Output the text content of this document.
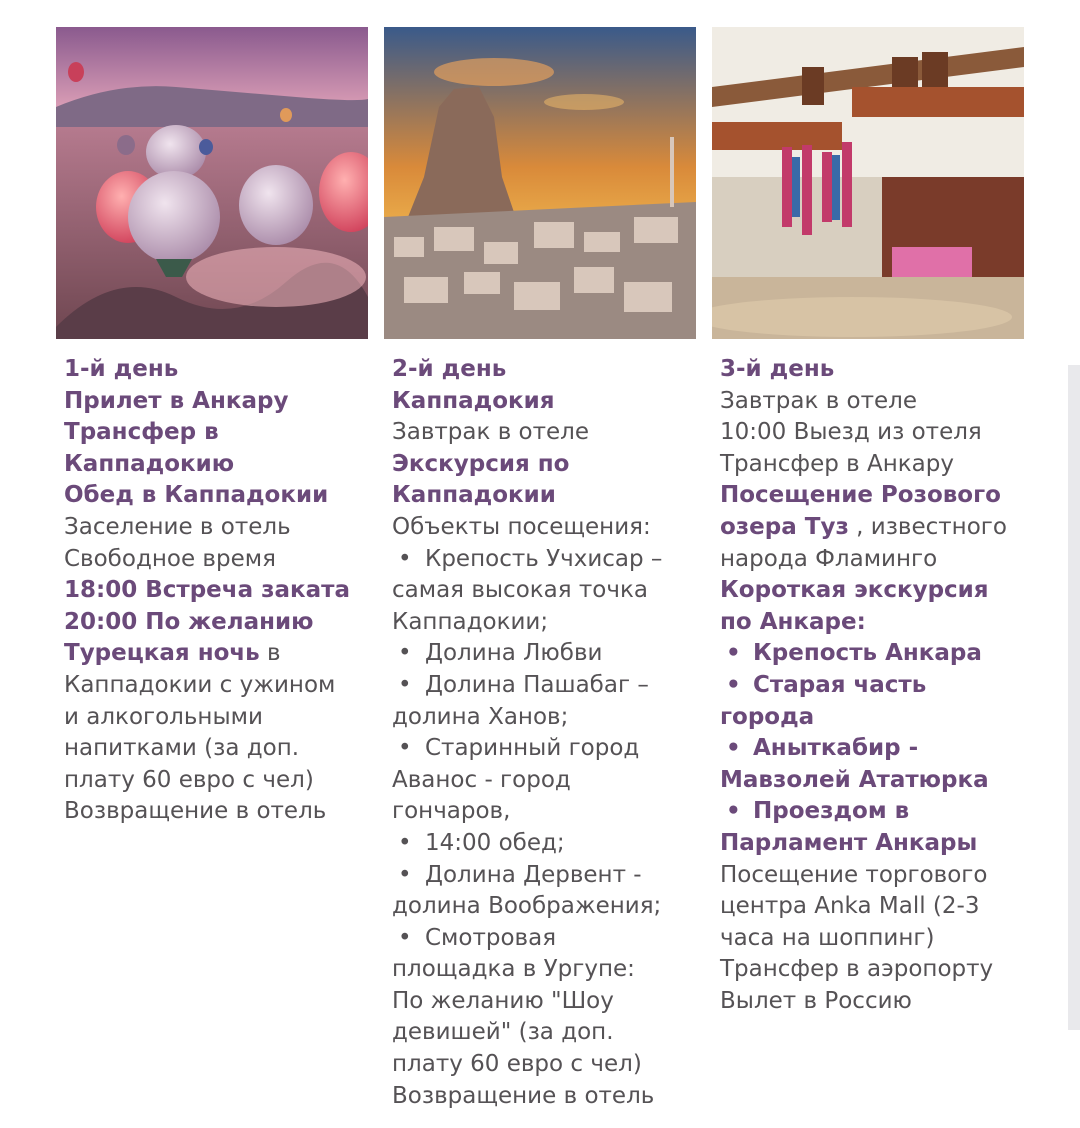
1-й день
Прилет в Анкару
Трансфер в
Каппадокию
Обед в Каппадокии
Заселение в отель
Свободное время
18:00 Встреча заката
20:00 По желанию
Турецкая ночь в
Каппадокии с ужином
и алкогольными
напитками (за доп.
плату 60 евро с чел)
Возвращение в отель
2-й день
Каппадокия
Завтрак в отеле
Экскурсия по
Каппадокии
Объекты посещения:
• Крепость Учхисар –
самая высокая точка
Каппадокии;
• Долина Любви
• Долина Пашабаг –
долина Ханов;
• Старинный город
Аванос - город
гончаров,
• 14:00 обед;
• Долина Дервент -
долина Воображения;
• Смотровая
площадка в Ургупе:
По желанию "Шоу
девишей" (за доп.
плату 60 евро с чел)
Возвращение в отель
3-й день
Завтрак в отеле
10:00 Выезд из отеля
Трансфер в Анкару
Посещение Розового
озера Туз , известного
народа Фламинго
Короткая экскурсия
по Анкаре:
• Крепость Анкара
• Старая часть
города
• Аныткабир -
Мавзолей Ататюрка
• Проездом в
Парламент Анкары
Посещение торгового
центра Anka Mall (2-3
часа на шоппинг)
Трансфер в аэропорту
Вылет в Россию
